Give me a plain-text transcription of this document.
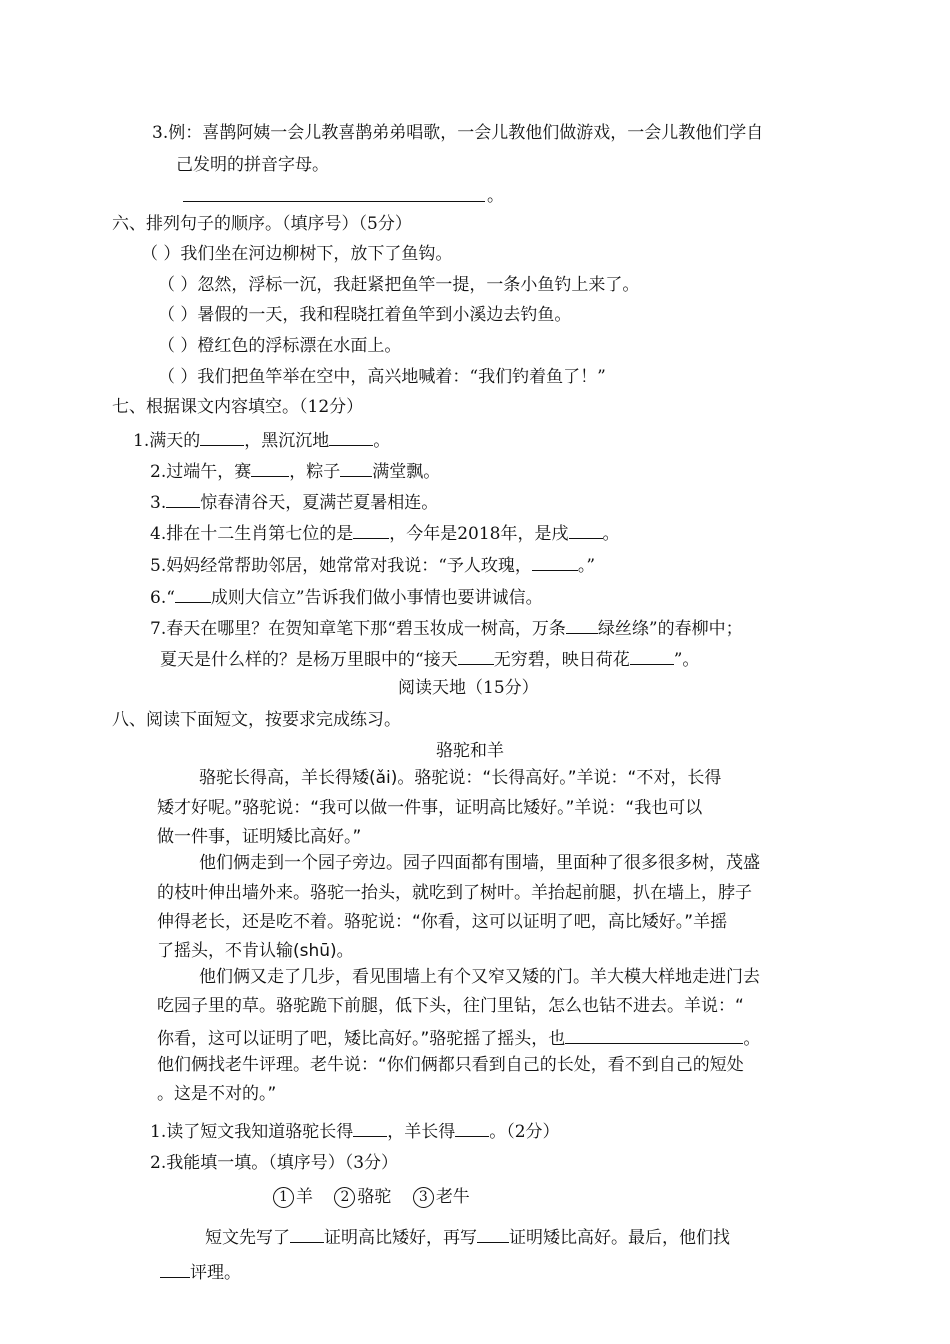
3.例：喜鹊阿姨一会儿教喜鹊弟弟唱歌，一会儿教他们做游戏，一会儿教他们学自
己发明的拼音字母。
。
六、排列句子的顺序。（填序号）（5分）
（ ）我们坐在河边柳树下，放下了鱼钩。
（ ）忽然，浮标一沉，我赶紧把鱼竿一提，一条小鱼钓上来了。
（ ）暑假的一天，我和程晓扛着鱼竿到小溪边去钓鱼。
（ ）橙红色的浮标漂在水面上。
（ ）我们把鱼竿举在空中，高兴地喊着：“我们钓着鱼了！”
七、根据课文内容填空。（12分）
1.满天的	，黑沉沉地	。
2.过端午，赛 ，粽子 满堂飘。
3. 惊春清谷天，夏满芒夏暑相连。
4.排在十二生肖第七位的是 ，今年是2018年，是戌 。
5.妈妈经常帮助邻居，她常常对我说：“予人玫瑰，	。”
6.“ 成则大信立”告诉我们做小事情也要讲诚信。
7.春天在哪里？在贺知章笔下那“碧玉妆成一树高，万条 绿丝绦”的春柳中；
夏天是什么样的？是杨万里眼中的“接天 无穷碧，映日荷花	”。
阅读天地（15分）
八、阅读下面短文，按要求完成练习。
骆驼和羊
骆驼长得高，羊长得矮(ǎi)。骆驼说：“长得高好。”羊说：“不对，长得
矮才好呢。”骆驼说：“我可以做一件事，证明高比矮好。”羊说：“我也可以
做一件事，证明矮比高好。”
他们俩走到一个园子旁边。园子四面都有围墙，里面种了很多很多树，茂盛
的枝叶伸出墙外来。骆驼一抬头，就吃到了树叶。羊抬起前腿，扒在墙上，脖子
伸得老长，还是吃不着。骆驼说：“你看，这可以证明了吧，高比矮好。”羊摇
了摇头，不肯认输(shū)。
他们俩又走了几步，看见围墙上有个又窄又矮的门。羊大模大样地走进门去
吃园子里的草。骆驼跪下前腿，低下头，往门里钻，怎么也钻不进去。羊说：“
你看，这可以证明了吧，矮比高好。”骆驼摇了摇头，也	。
他们俩找老牛评理。老牛说：“你们俩都只看到自己的长处，看不到自己的短处
。这是不对的。”
1.读了短文我知道骆驼长得 ，羊长得 。（2分）
2.我能填一填。（填序号）（3分）
1 羊 2 骆驼 3 老牛
短文先写了 证明高比矮好，再写 证明矮比高好。最后，他们找
评理。
